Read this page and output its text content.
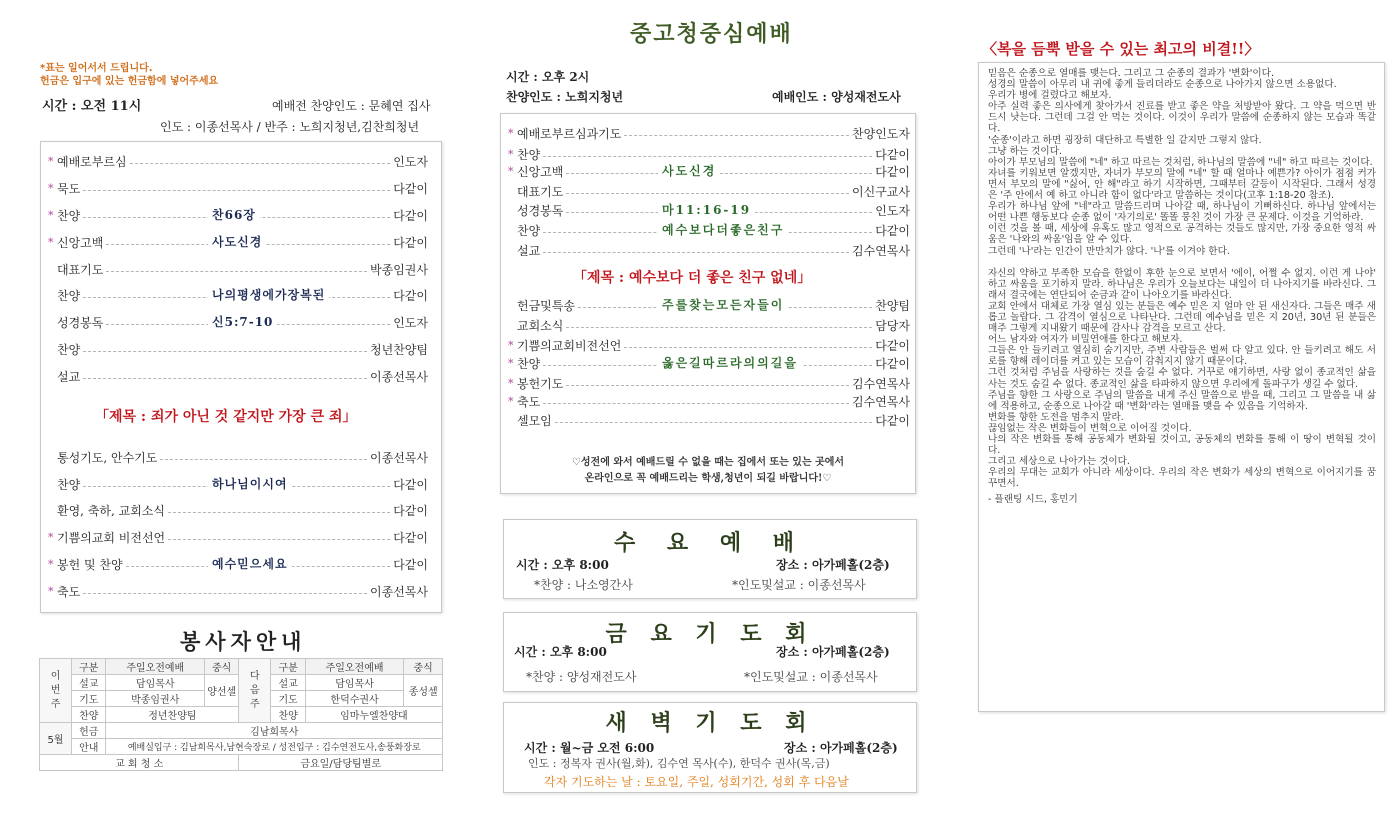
*표는 일어서서 드립니다.
헌금은 입구에 있는 헌금함에 넣어주세요
시간 : 오전 11시	예배전 찬양인도 : 문혜연 집사
인도 : 이종선목사 / 반주 : 노희지청년,김찬희청년
* 예배로부르심	인도자
* 묵도	다같이
* 찬양	다같이
찬66장
* 신앙고백	다같이
사도신경
대표기도	박종임권사
찬양	다같이
나의평생에가장복된
성경봉독	인도자
신5:7-10
찬양	청년찬양팀
설교	이종선목사
「제목 : 죄가 아닌 것 같지만 가장 큰 죄」
통성기도, 안수기도	이종선목사
찬양	다같이
하나님이시여
환영, 축하, 교회소식	다같이
* 기쁨의교회 비전선언	다같이
* 봉헌 및 찬양	다같이
예수믿으세요
* 축도	이종선목사
봉사자안내
이번주	구분	주일오전예배	중식	다음주	구분	주일오전예배	중식
	설교	담임목사	양선셀		설교	담임목사	종성셀
	기도	박종임권사			기도	한덕수권사	
	찬양	정년찬양팀			찬양	임마누엘찬양대	
5월	헌금	김남희목사					
	안내	예배실입구 : 김남희목사,남현숙장로 / 성전입구 : 김수연전도사,송풍화장로					
교 회 청 소				금요일/담당팀별로			
중고청중심예배
시간 : 오후 2시
찬양인도 : 노희지청년	예배인도 : 양성재전도사
* 예배로부르심과기도	찬양인도자
* 찬양	다같이
* 신앙고백	다같이
사도신경
대표기도	이신구교사
성경봉독	인도자
마11:16-19
찬양	다같이
예수보다더좋은친구
설교	김수연목사
「제목 : 예수보다 더 좋은 친구 없네」
헌금및특송	찬양팀
주를찾는모든자들이
교회소식	담당자
* 기쁨의교회비전선언	다같이
* 찬양	다같이
옳은길따르라의의길을
* 봉헌기도	김수연목사
* 축도	김수연목사
셀모임	다같이
♡성전에 와서 예배드릴 수 없을 때는 집에서 또는 있는 곳에서
온라인으로 꼭 예배드리는 학생,청년이 되길 바랍니다!♡
수 요 예 배
시간 : 오후 8:00	장소 : 아가페홀(2층)
*찬양 : 나소영간사	*인도및설교 : 이종선목사
금 요 기 도 회
시간 : 오후 8:00	장소 : 아가페홀(2층)
*찬양 : 양성재전도사	*인도및설교 : 이종선목사
새 벽 기 도 회
시간 : 월~금 오전 6:00	장소 : 아가페홀(2층)
인도 : 정복자 권사(월,화), 김수연 목사(수), 한덕수 권사(목,금)
각자 기도하는 날 : 토요일, 주일, 성회기간, 성회 후 다음날
〈복을 듬뿍 받을 수 있는 최고의 비결!!〉

믿음은 순종으로 열매를 맺는다. 그리고 그 순종의 결과가 '변화'이다.

성경의 말씀이 아무리 내 귀에 좋게 들리더라도 순종으로 나아가지 않으면 소용없다.

우리가 병에 걸렸다고 해보자.

아주 실력 좋은 의사에게 찾아가서 진료를 받고 좋은 약을 처방받아 왔다. 그 약을 먹으면 반드시 낫는다. 그런데 그걸 안 먹는 것이다. 이것이 우리가 말씀에 순종하지 않는 모습과 똑같다.

'순종'이라고 하면 굉장히 대단하고 특별한 일 같지만 그렇지 않다.

그냥 하는 것이다.

아이가 부모님의 말씀에 "네" 하고 따르는 것처럼, 하나님의 말씀에 "네" 하고 따르는 것이다.

자녀를 키워보면 알겠지만, 자녀가 부모의 말에 "네" 할 때 얼마나 예쁜가? 아이가 점점 커가면서 부모의 말에 "싫어, 안 해"라고 하기 시작하면, 그때부터 갈등이 시작된다. 그래서 성경은 '주 안에서 예 하고 아니라 함이 없다'라고 말씀하는 것이다(고후 1:18-20 참조).

우리가 하나님 앞에 "네"라고 말씀드리며 나아갈 때, 하나님이 기뻐하신다. 하나님 앞에서는 어떤 나쁜 행동보다 순종 없이 '자기의로' 똘똘 뭉친 것이 가장 큰 문제다. 이것을 기억하라.

이런 것을 볼 때, 세상에 유혹도 많고 영적으로 공격하는 것들도 많지만, 가장 중요한 영적 싸움은 '나와의 싸움'임을 알 수 있다.

그런데 '나'라는 인간이 만만치가 않다. '나'를 이겨야 한다.

자신의 약하고 부족한 모습을 한없이 후한 눈으로 보면서 '에이, 어쩔 수 없지. 이런 게 나야' 하고 싸움을 포기하지 말라. 하나님은 우리가 오늘보다는 내일이 더 나아지기를 바라신다. 그래서 결국에는 연단되어 순금과 같이 나아오기를 바라신다.

교회 안에서 대체로 가장 열심 있는 분들은 예수 믿은 지 얼마 안 된 새신자다. 그들은 매주 새롭고 놀랍다. 그 감격이 열심으로 나타난다. 그런데 예수님을 믿은 지 20년, 30년 된 분들은 매주 그렇게 지내왔기 때문에 감사나 감격을 모르고 산다.

어느 남자와 여자가 비밀연애를 한다고 해보자.

그들은 안 들키려고 열심히 숨기지만, 주변 사람들은 벌써 다 알고 있다. 안 들키려고 해도 서로를 향해 레이더를 켜고 있는 모습이 감춰지지 않기 때문이다.

그런 것처럼 주님을 사랑하는 것을 숨길 수 없다. 거꾸로 얘기하면, 사랑 없이 종교적인 삶을 사는 것도 숨길 수 없다. 종교적인 삶을 타파하지 않으면 우리에게 돌파구가 생길 수 없다.

주님을 향한 그 사랑으로 주님의 말씀을 내게 주신 말씀으로 받을 때, 그리고 그 말씀을 내 삶에 적용하고, 순종으로 나아갈 때 '변화'라는 열매를 맺을 수 있음을 기억하자.

변화를 향한 도전을 멈추지 말라.

끊임없는 작은 변화들이 변혁으로 이어질 것이다.

나의 작은 변화를 통해 공동체가 변화될 것이고, 공동체의 변화를 통해 이 땅이 변혁될 것이다.

그리고 세상으로 나아가는 것이다.

우리의 무대는 교회가 아니라 세상이다. 우리의 작은 변화가 세상의 변혁으로 이어지기를 꿈꾸면서.

- 플랜팅 시드, 홍민기
